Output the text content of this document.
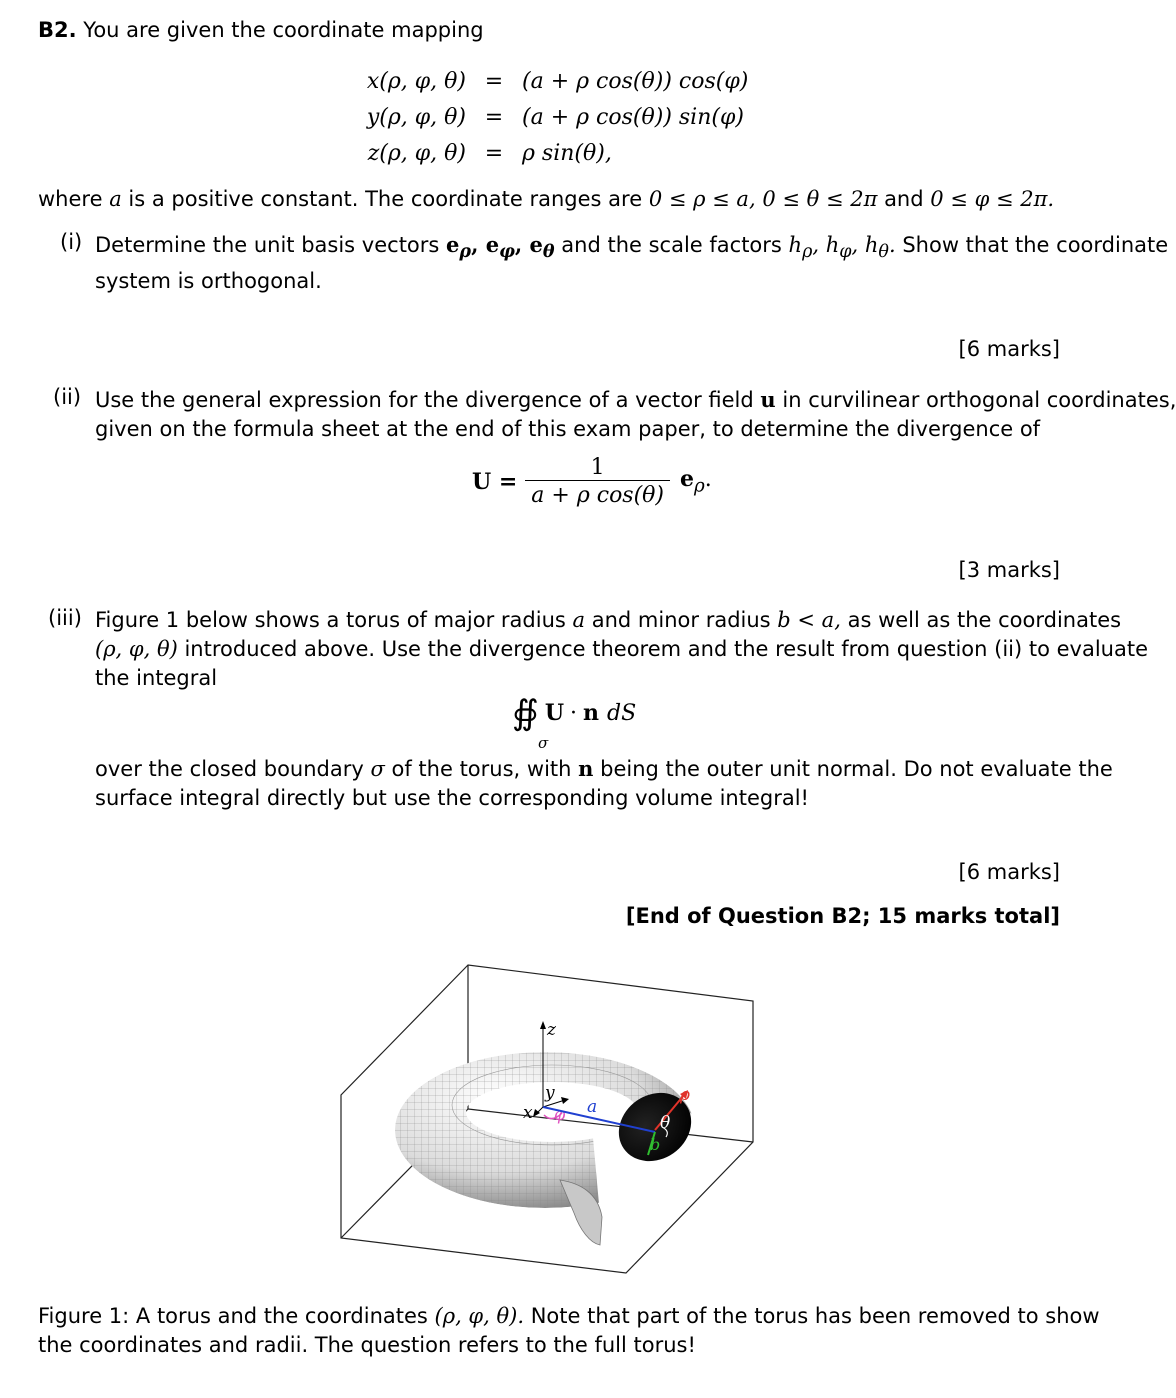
B2. You are given the coordinate mapping
x(ρ, φ, θ)	=	(a + ρ cos(θ)) cos(φ)
y(ρ, φ, θ)	=	(a + ρ cos(θ)) sin(φ)
z(ρ, φ, θ)	=	ρ sin(θ),
where a is a positive constant. The coordinate ranges are 0 ≤ ρ ≤ a, 0 ≤ θ ≤ 2π and 0 ≤ φ ≤ 2π.
(i) Determine the unit basis vectors $e_\rho$, $e_\varphi$, $e_\theta$ and the scale factors $h_\rho$, $h_\varphi$, $h_\theta$. Show that the coordinate
system is orthogonal.
[6 marks]
(ii) Use the general expression for the divergence of a vector field u in curvilinear orthogonal coordinates,
given on the formula sheet at the end of this exam paper, to determine the divergence of
$U = \frac{1}{\text{a + ρ cos(θ)}} e_\rho$.
[3 marks]
(iii) Figure 1 below shows a torus of major radius a and minor radius b < a, as well as the coordinates
(ρ, φ, θ) introduced above. Use the divergence theorem and the result from question (ii) to evaluate
the integral
∯
σ
U · n dS
over the closed boundary σ of the torus, with n being the outer unit normal. Do not evaluate the
surface integral directly but use the corresponding volume integral!
[6 marks]
[End of Question B2; 15 marks total]
z
y
x φ a
ρ
θ
b
Figure 1: A torus and the coordinates (ρ, φ, θ). Note that part of the torus has been removed to show
the coordinates and radii. The question refers to the full torus!
